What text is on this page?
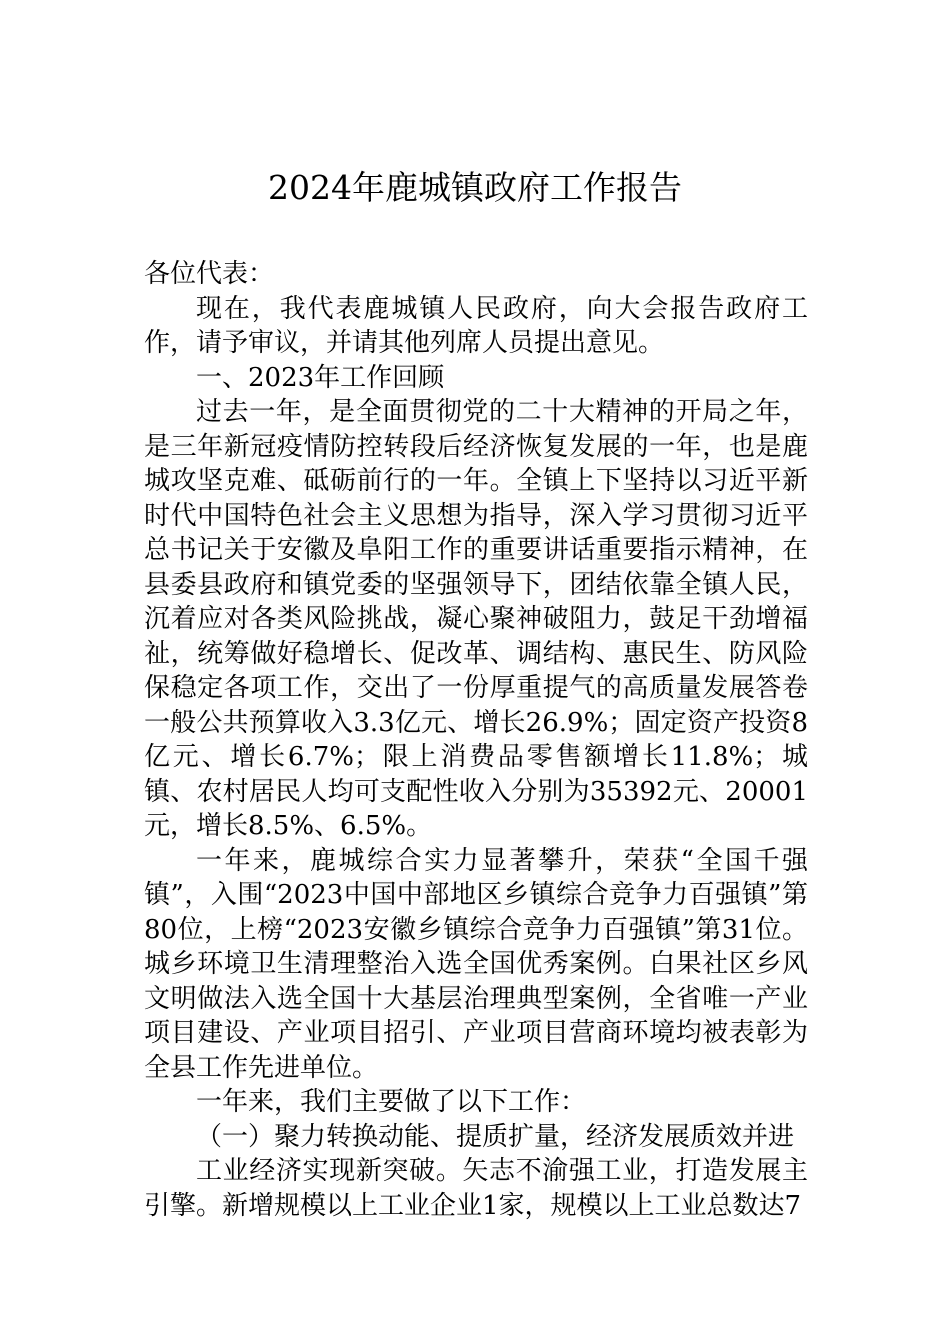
2024年鹿城镇政府工作报告

各位代表：

现在，我代表鹿城镇人民政府，向大会报告政府工作，请予审议，并请其他列席人员提出意见。

一、2023年工作回顾

过去一年，是全面贯彻党的二十大精神的开局之年，是三年新冠疫情防控转段后经济恢复发展的一年，也是鹿城攻坚克难、砥砺前行的一年。全镇上下坚持以习近平新时代中国特色社会主义思想为指导，深入学习贯彻习近平总书记关于安徽及阜阳工作的重要讲话重要指示精神，在县委县政府和镇党委的坚强领导下，团结依靠全镇人民，沉着应对各类风险挑战，凝心聚神破阻力，鼓足干劲增福祉，统筹做好稳增长、促改革、调结构、惠民生、防风险保稳定各项工作，交出了一份厚重提气的高质量发展答卷一般公共预算收入3.3亿元、增长26.9%；固定资产投资8亿元、增长6.7%；限上消费品零售额增长11.8%；城镇、农村居民人均可支配性收入分别为35392元、20001元，增长8.5%、6.5%。

一年来，鹿城综合实力显著攀升，荣获“全国千强镇”，入围“2023中国中部地区乡镇综合竞争力百强镇”第80位，上榜“2023安徽乡镇综合竞争力百强镇”第31位。城乡环境卫生清理整治入选全国优秀案例。白果社区乡风文明做法入选全国十大基层治理典型案例，全省唯一产业项目建设、产业项目招引、产业项目营商环境均被表彰为全县工作先进单位。

一年来，我们主要做了以下工作：

（一）聚力转换动能、提质扩量，经济发展质效并进

工业经济实现新突破。矢志不渝强工业，打造发展主引擎。新增规模以上工业企业1家，规模以上工业总数达7
